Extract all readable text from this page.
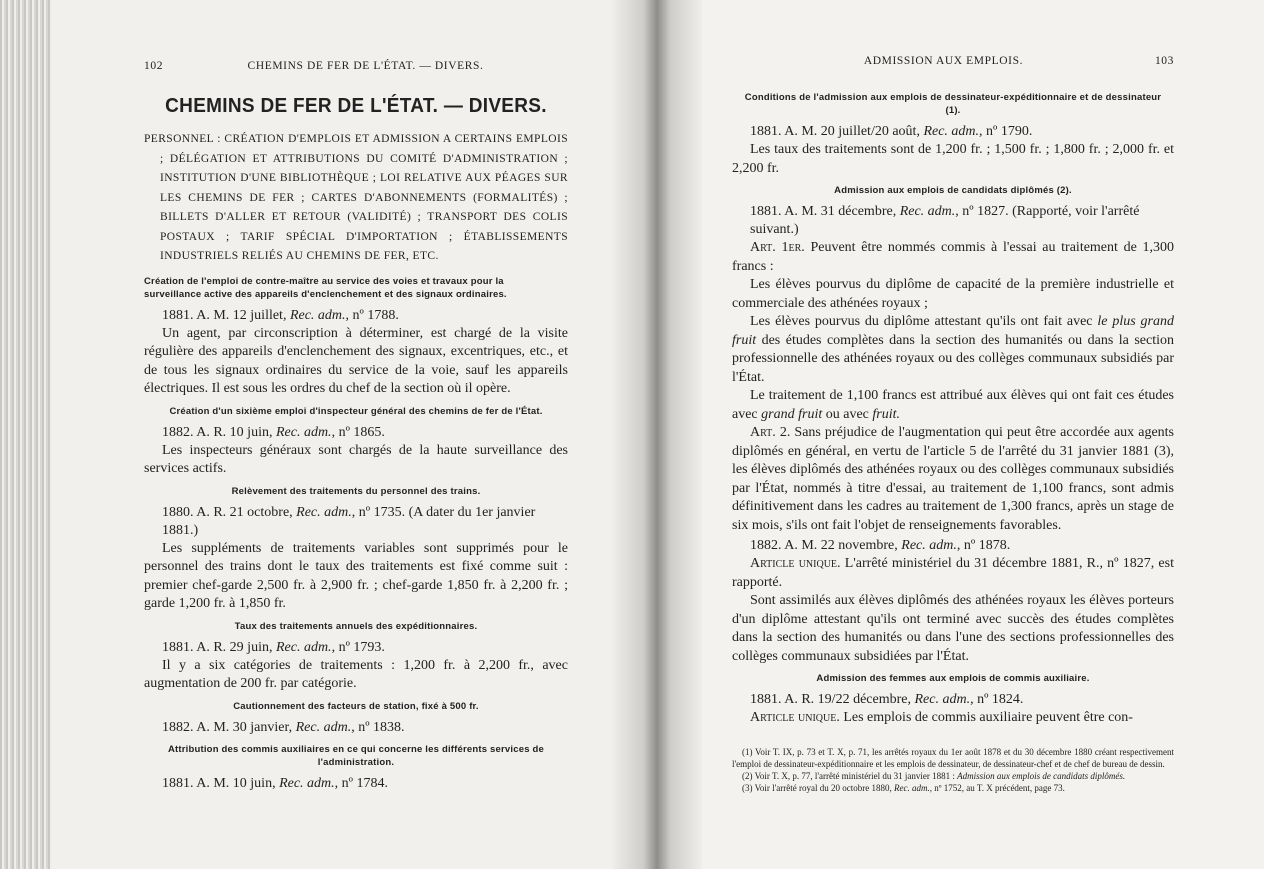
102	CHEMINS DE FER DE L'ÉTAT. — DIVERS.
CHEMINS DE FER DE L'ÉTAT. — DIVERS.
PERSONNEL : CRÉATION D'EMPLOIS ET ADMISSION A CERTAINS EMPLOIS ; DÉLÉGATION ET ATTRIBUTIONS DU COMITÉ D'ADMINISTRATION ; INSTITUTION D'UNE BIBLIOTHÈQUE ; LOI RELATIVE AUX PÉAGES SUR LES CHEMINS DE FER ; CARTES D'ABONNEMENTS (FORMALITÉS) ; BILLETS D'ALLER ET RETOUR (VALIDITÉ) ; TRANSPORT DES COLIS POSTAUX ; TARIF SPÉCIAL D'IMPORTATION ; ÉTABLISSEMENTS INDUSTRIELS RELIÉS AU CHEMINS DE FER, ETC.
Création de l'emploi de contre-maître au service des voies et travaux pour la surveillance active des appareils d'enclenchement et des signaux ordinaires.

1881. A. M. 12 juillet, Rec. adm., nº 1788.

Un agent, par circonscription à déterminer, est chargé de la visite régulière des appareils d'enclenchement des signaux, excentriques, etc., et de tous les signaux ordinaires du service de la voie, sauf les appareils électriques. Il est sous les ordres du chef de la section où il opère.

Création d'un sixième emploi d'inspecteur général des chemins de fer de l'État.

1882. A. R. 10 juin, Rec. adm., nº 1865.

Les inspecteurs généraux sont chargés de la haute surveillance des services actifs.

Relèvement des traitements du personnel des trains.

1880. A. R. 21 octobre, Rec. adm., nº 1735. (A dater du 1er janvier 1881.)

Les suppléments de traitements variables sont supprimés pour le personnel des trains dont le taux des traitements est fixé comme suit : premier chef-garde 2,500 fr. à 2,900 fr. ; chef-garde 1,850 fr. à 2,200 fr. ; garde 1,200 fr. à 1,850 fr.

Taux des traitements annuels des expéditionnaires.

1881. A. R. 29 juin, Rec. adm., nº 1793.

Il y a six catégories de traitements : 1,200 fr. à 2,200 fr., avec augmentation de 200 fr. par catégorie.

Cautionnement des facteurs de station, fixé à 500 fr.

1882. A. M. 30 janvier, Rec. adm., nº 1838.

Attribution des commis auxiliaires en ce qui concerne les différents services de l'administration.

1881. A. M. 10 juin, Rec. adm., nº 1784.

ADMISSION AUX EMPLOIS.	103
Conditions de l'admission aux emplois de dessinateur-expéditionnaire et de dessinateur (1).

1881. A. M. 20 juillet/20 août, Rec. adm., nº 1790.

Les taux des traitements sont de 1,200 fr. ; 1,500 fr. ; 1,800 fr. ; 2,000 fr. et 2,200 fr.

Admission aux emplois de candidats diplômés (2).

1881. A. M. 31 décembre, Rec. adm., nº 1827. (Rapporté, voir l'arrêté suivant.)

Art. 1er. Peuvent être nommés commis à l'essai au traitement de 1,300 francs :

Les élèves pourvus du diplôme de capacité de la première industrielle et commerciale des athénées royaux ;

Les élèves pourvus du diplôme attestant qu'ils ont fait avec le plus grand fruit des études complètes dans la section des humanités ou dans la section professionnelle des athénées royaux ou des collèges communaux subsidiés par l'État.

Le traitement de 1,100 francs est attribué aux élèves qui ont fait ces études avec grand fruit ou avec fruit.

Art. 2. Sans préjudice de l'augmentation qui peut être accordée aux agents diplômés en général, en vertu de l'article 5 de l'arrêté du 31 janvier 1881 (3), les élèves diplômés des athénées royaux ou des collèges communaux subsidiés par l'État, nommés à titre d'essai, au traitement de 1,100 francs, sont admis définitivement dans les cadres au traitement de 1,300 francs, après un stage de six mois, s'ils ont fait l'objet de renseignements favorables.

1882. A. M. 22 novembre, Rec. adm., nº 1878.

Article unique. L'arrêté ministériel du 31 décembre 1881, R., nº 1827, est rapporté.

Sont assimilés aux élèves diplômés des athénées royaux les élèves porteurs d'un diplôme attestant qu'ils ont terminé avec succès des études complètes dans la section des humanités ou dans l'une des sections professionnelles des collèges communaux subsidiées par l'État.

Admission des femmes aux emplois de commis auxiliaire.

1881. A. R. 19/22 décembre, Rec. adm., nº 1824.

Article unique. Les emplois de commis auxiliaire peuvent être con-

(1) Voir T. IX, p. 73 et T. X, p. 71, les arrêtés royaux du 1er août 1878 et du 30 décembre 1880 créant respectivement l'emploi de dessinateur-expéditionnaire et les emplois de dessinateur, de dessinateur-chef et de chef de bureau de dessin.

(2) Voir T. X, p. 77, l'arrêté ministériel du 31 janvier 1881 : Admission aux emplois de candidats diplômés.

(3) Voir l'arrêté royal du 20 octobre 1880, Rec. adm., nº 1752, au T. X précédent, page 73.
